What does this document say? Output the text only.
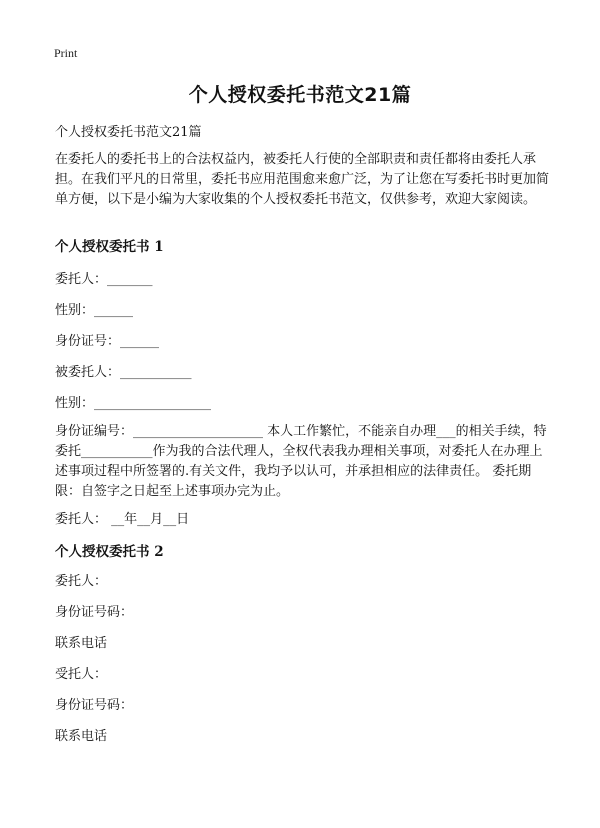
Print
个人授权委托书范文21篇
个人授权委托书范文21篇
在委托人的委托书上的合法权益内，被委托人行使的全部职责和责任都将由委托人承担。在我们平凡的日常里，委托书应用范围愈来愈广泛，为了让您在写委托书时更加简单方便，以下是小编为大家收集的个人授权委托书范文，仅供参考，欢迎大家阅读。
个人授权委托书 1
委托人：_______
性别：______
身份证号：______
被委托人：___________
性别：__________________
身份证编号：____________________ 本人工作繁忙，不能亲自办理___的相关手续，特委托___________作为我的合法代理人，全权代表我办理相关事项，对委托人在办理上述事项过程中所签署的.有关文件，我均予以认可，并承担相应的法律责任。 委托期限：自签字之日起至上述事项办完为止。
委托人： __年__月__日
个人授权委托书 2
委托人：
身份证号码：
联系电话
受托人：
身份证号码：
联系电话
